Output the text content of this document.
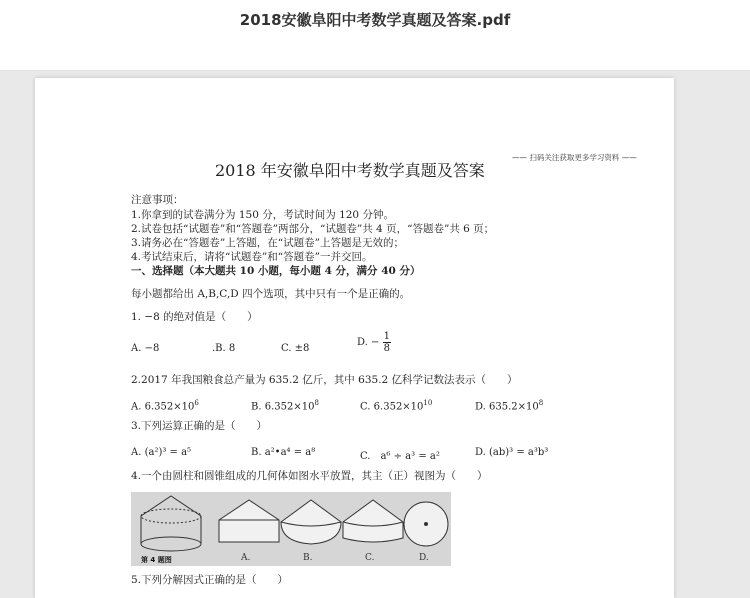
2018安徽阜阳中考数学真题及答案.pdf
—— 扫码关注获取更多学习资料 ——
2018 年安徽阜阳中考数学真题及答案
注意事项：
1.你拿到的试卷满分为 150 分，考试时间为 120 分钟。
2.试卷包括“试题卷”和“答题卷”两部分，“试题卷”共 4 页，“答题卷”共 6 页；
3.请务必在“答题卷”上答题，在“试题卷”上答题是无效的；
4.考试结束后，请将“试题卷”和“答题卷”一并交回。
一、选择题（本大题共 10 小题，每小题 4 分，满分 40 分）
每小题都给出 A,B,C,D 四个选项，其中只有一个是正确的。
1. −8 的绝对值是（　　）
A. −8	.B. 8	C. ±8
D. − $\frac{1}{8}$
2.2017 年我国粮食总产量为 635.2 亿斤，其中 635.2 亿科学记数法表示（　　）
A. $6.352\times 10^6$	B. $6.352\times 10^8$	C. $6.352\times 10^{10}$	D. $635.2\times 10^8$
3.下列运算正确的是（　　）
A. (a²)³ = a⁵	B. a²•a⁴ = a⁸	C.　a⁶ ÷ a³ = a²	D. (ab)³ = a³b³
4.一个由圆柱和圆锥组成的几何体如图水平放置，其主（正）视图为（　　）
第 4 题图	A.	B.	C.	D.
5.下列分解因式正确的是（　　）
